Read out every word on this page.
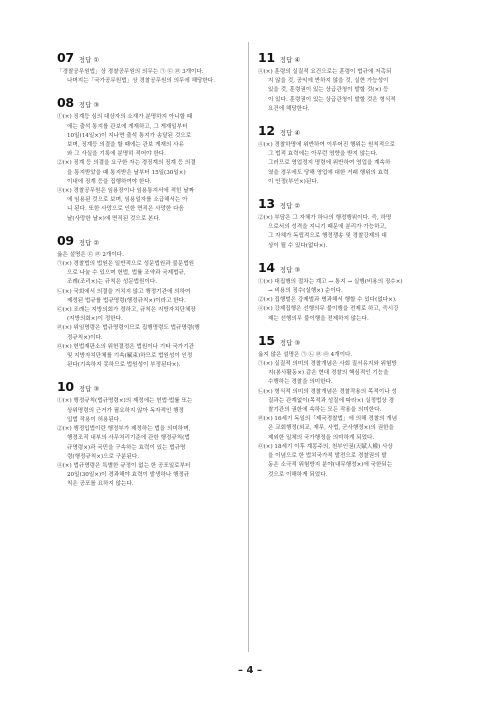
07 정답 ①
「경찰공무원법」상 경찰공무원의 의무는 ㉠ ㉢ ㉣ 3개이다.
나머지는「국가공무원법」상 경찰공무원의 의무에 해당한다.
08 정답 ③
①(×) 징계등 심의 대상자의 소재가 분명하지 아니할 때
에는 출석 통지를 관보에 게재하고, 그 게재일부터
10일(14일×)이 지나면 출석 통지가 송달된 것으로
보며, 징계등 의결을 할 때에는 관보 게재의 사유
와 그 사실을 기록에 분명히 적어야 한다.
②(×) 징계 등 의결을 요구한 자는 경징계의 징계 등 의결
을 통지받았을 때 통지받은 날부터 15일(30일×)
이내에 징계 등을 집행하여야 한다.
④(×) 경찰공무원은 임용장이나 임용통지서에 적힌 날짜
에 임용된 것으로 보며, 임용일자를 소급해서는 아
니 된다. 또한 사망으로 인한 면직은 사망한 다음
날(사망한 날×)에 면직된 것으로 본다.
09 정답 ②
옳은 설명은 ㉢ ㉣ 2개이다.
㉠(×) 경찰법의 법원은 일반적으로 성문법원과 불문법원
으로 나눌 수 있으며 헌법, 법률 조약과 국제법규,
조례(조리×)는 규칙은 성문법원이다.
㉡(×) 국회에서 의결을 거치지 않고 행정기관에 의하여
제정된 법규를 법규명령(행정규칙×)이라고 한다.
㉢(×) 조례는 지방의회가 정하고, 규칙은 지방자치단체장
(지방의회×)이 정한다.
㉣(×) 위임명령은 법규명령이므로 집행명령도 법규명령(행
정규칙×)이다.
㉤(×) 헌법재판소의 위헌결정은 법원이나 기타 국가기관
및 지방자치단체를 기속(羈束)하므로 법원성이 인정
된다(기속하지 못하므로 법원성이 부정된다×).
10 정답 ③
①(×) 행정규칙(법규명령×)의 제정에는 헌법·법률 또는
상위명령의 근거가 필요하지 않아 독자적인 행정
입법 작용이 허용된다.
②(×) 행정입법이란 행정부가 제정하는 법을 의미하며,
행정조직 내부의 사무처리기준에 관한 행정규칙(법
규명령×)과 국민을 구속하는 효력이 있는 법규명
령(행정규칙×)으로 구분된다.
④(×) 법규명령은 특별한 규정이 없는 한 공포일로부터
20일(30일×)이 경과해야 효력이 발생하나 행정규
칙은 공포를 요하지 않는다.
11 정답 ④
④(×) 훈령의 실질적 요건으로는 훈령이 법규에 저촉되
지 않을 것, 공익에 반하지 않을 것, 실현 가능성이
있을 것, 훈령권이 있는 상급관청이 발할 것(×) 등
이 있다. 훈령권이 있는 상급관청이 발할 것은 형식적
요건에 해당한다.
12 정답 ④
④(×) 경찰하명에 위반하여 이루어진 행위는 원칙적으로
그 법적 효력에는 아무런 영향을 받지 않는다.
그러므로 영업정지 명령에 위반하여 영업을 계속하
였을 경우에도 당해 영업에 대한 거래 행위의 효력
이 인정(부인×)된다.
13 정답 ②
②(×) 부담은 그 자체가 하나의 행정행위이다. 즉, 하명
으로서의 성격을 지니기 때문에 분리가 가능하고,
그 자체가 독립적으로 행정쟁송 및 경찰강제의 대
상이 될 수 있다(없다×).
14 정답 ③
①(×) 대집행의 절차는 계고 → 통지 → 실행(비용의 징수×)
→ 비용의 징수(실행×) 순이다.
②(×) 집행벌은 강제벌과 병과해서 행할 수 있다(없다×).
④(×) 강제집행은 선행의무 불이행을 전제로 하고, 즉시강
제는 선행의무 불이행을 전제하지 않는다.
15 정답 ③
옳지 않은 설명은 ㉠ ㉡ ㉣ ㉤ 4개이다.
㉠(×) 실질적 의미의 경찰개념은 사회 질서유지와 위험방
지(봉사활동×) 같은 현대 경찰의 핵심적인 기능을
수행하는 경찰을 의미한다.
㉡(×) 형식적 의미의 경찰개념은 경찰작용의 목적이나 성
질과는 관계없이(목적과 성질에 따라×) 실정법상 경
찰기관의 권한에 속하는 모든 작용을 의미한다.
㉣(×) 16세기 독일의「제국경찰법」에 의해 경찰의 개념
은 교회행정(외교, 재무, 사법, 군사행정×)의 권한을
제외한 일체의 국가행정을 의미하게 되었다.
㉤(×) 18세기 이후 계몽주의, 천부인권(天賦人權) 사상
을 이념으로 한 법치국가적 발전으로 경찰권의 발
동은 소극적 위험방지 분야(내무행정×)에 국한되는
것으로 이해하게 되었다.
– 4 –
